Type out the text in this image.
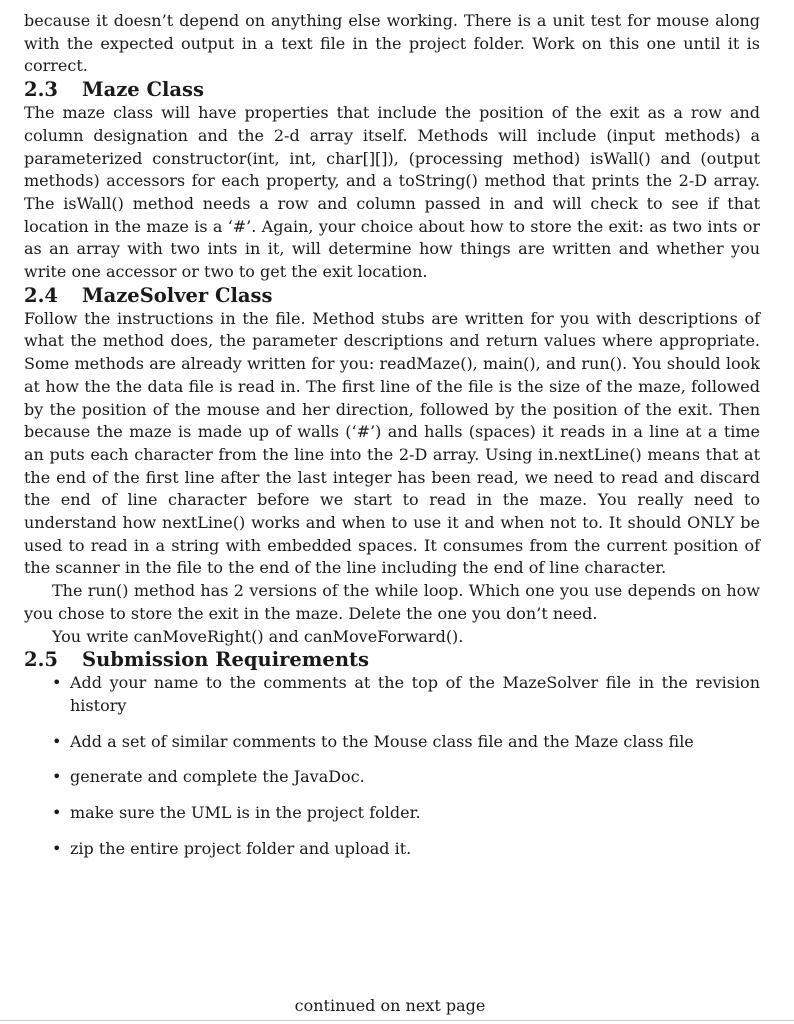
because it doesn’t depend on anything else working. There is a unit test for mouse along with the expected output in a text file in the project folder. Work on this one until it is correct.

2.3 Maze Class

The maze class will have properties that include the position of the exit as a row and column designation and the 2-d array itself. Methods will include (input methods) a parameterized constructor(int, int, char[][]), (processing method) isWall() and (output methods) accessors for each property, and a toString() method that prints the 2-D array. The isWall() method needs a row and column passed in and will check to see if that location in the maze is a ‘#’. Again, your choice about how to store the exit: as two ints or as an array with two ints in it, will determine how things are written and whether you write one accessor or two to get the exit location.

2.4 MazeSolver Class

Follow the instructions in the file. Method stubs are written for you with descriptions of what the method does, the parameter descriptions and return values where appropriate. Some methods are already written for you: readMaze(), main(), and run(). You should look at how the the data file is read in. The first line of the file is the size of the maze, followed by the position of the mouse and her direction, followed by the position of the exit. Then because the maze is made up of walls (‘#’) and halls (spaces) it reads in a line at a time an puts each character from the line into the 2-D array. Using in.nextLine() means that at the end of the first line after the last integer has been read, we need to read and discard the end of line character before we start to read in the maze. You really need to understand how nextLine() works and when to use it and when not to. It should ONLY be used to read in a string with embedded spaces. It consumes from the current position of the scanner in the file to the end of the line including the end of line character.

The run() method has 2 versions of the while loop. Which one you use depends on how you chose to store the exit in the maze. Delete the one you don’t need.

You write canMoveRight() and canMoveForward().

2.5 Submission Requirements
• Add your name to the comments at the top of the MazeSolver file in the revision history
• Add a set of similar comments to the Mouse class file and the Maze class file
• generate and complete the JavaDoc.
• make sure the UML is in the project folder.
• zip the entire project folder and upload it.
continued on next page
